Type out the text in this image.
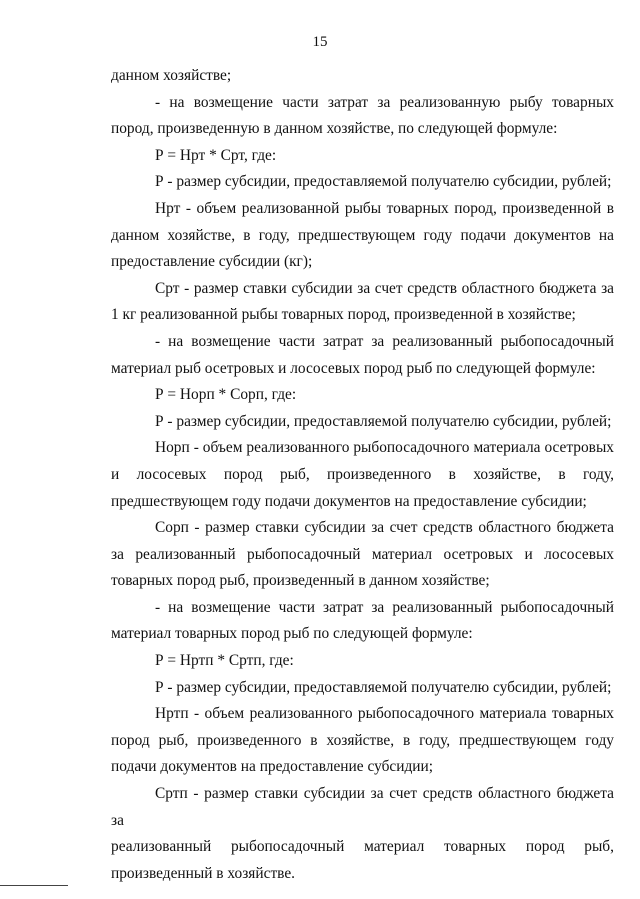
15

данном хозяйстве;

- на возмещение части затрат за реализованную рыбу товарных пород, произведенную в данном хозяйстве, по следующей формуле:

Р = Нрт * Срт, где:

Р - размер субсидии, предоставляемой получателю субсидии, рублей;

Нрт - объем реализованной рыбы товарных пород, произведенной в данном хозяйстве, в году, предшествующем году подачи документов на предоставление субсидии (кг);

Срт - размер ставки субсидии за счет средств областного бюджета за 1 кг реализованной рыбы товарных пород, произведенной в хозяйстве;

- на возмещение части затрат за реализованный рыбопосадочный материал рыб осетровых и лососевых пород рыб по следующей формуле:

Р = Норп * Сорп, где:

Р - размер субсидии, предоставляемой получателю субсидии, рублей;

Норп - объем реализованного рыбопосадочного материала осетровых и лососевых пород рыб, произведенного в хозяйстве, в году, предшествующем году подачи документов на предоставление субсидии;

Сорп - размер ставки субсидии за счет средств областного бюджета за реализованный рыбопосадочный материал осетровых и лососевых товарных пород рыб, произведенный в данном хозяйстве;

- на возмещение части затрат за реализованный рыбопосадочный материал товарных пород рыб по следующей формуле:

Р = Нртп * Сртп, где:

Р - размер субсидии, предоставляемой получателю субсидии, рублей;

Нртп - объем реализованного рыбопосадочного материала товарных пород рыб, произведенного в хозяйстве, в году, предшествующем году подачи документов на предоставление субсидии;

Сртп - размер ставки субсидии за счет средств областного бюджета за

реализованный рыбопосадочный материал товарных пород рыб,

произведенный в хозяйстве.
